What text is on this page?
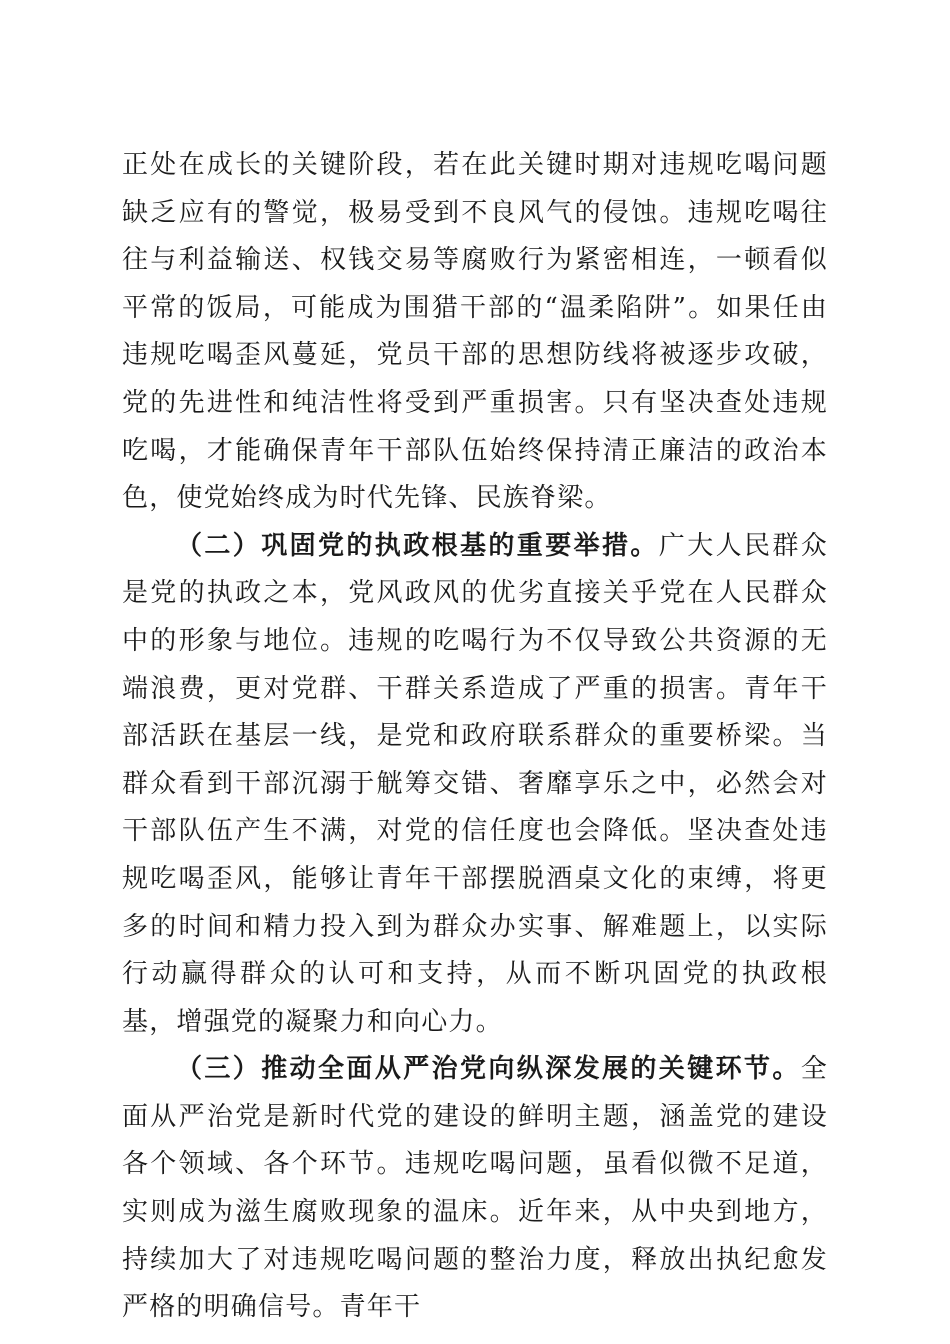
正处在成长的关键阶段，若在此关键时期对违规吃喝问题缺乏应有的警觉，极易受到不良风气的侵蚀。违规吃喝往往与利益输送、权钱交易等腐败行为紧密相连，一顿看似平常的饭局，可能成为围猎干部的“温柔陷阱”。如果任由违规吃喝歪风蔓延，党员干部的思想防线将被逐步攻破，党的先进性和纯洁性将受到严重损害。只有坚决查处违规吃喝，才能确保青年干部队伍始终保持清正廉洁的政治本色，使党始终成为时代先锋、民族脊梁。

（二）巩固党的执政根基的重要举措。广大人民群众是党的执政之本，党风政风的优劣直接关乎党在人民群众中的形象与地位。违规的吃喝行为不仅导致公共资源的无端浪费，更对党群、干群关系造成了严重的损害。青年干部活跃在基层一线，是党和政府联系群众的重要桥梁。当群众看到干部沉溺于觥筹交错、奢靡享乐之中，必然会对干部队伍产生不满，对党的信任度也会降低。坚决查处违规吃喝歪风，能够让青年干部摆脱酒桌文化的束缚，将更多的时间和精力投入到为群众办实事、解难题上，以实际行动赢得群众的认可和支持，从而不断巩固党的执政根基，增强党的凝聚力和向心力。

（三）推动全面从严治党向纵深发展的关键环节。全面从严治党是新时代党的建设的鲜明主题，涵盖党的建设各个领域、各个环节。违规吃喝问题，虽看似微不足道，实则成为滋生腐败现象的温床。近年来，从中央到地方，持续加大了对违规吃喝问题的整治力度，释放出执纪愈发严格的明确信号。青年干
